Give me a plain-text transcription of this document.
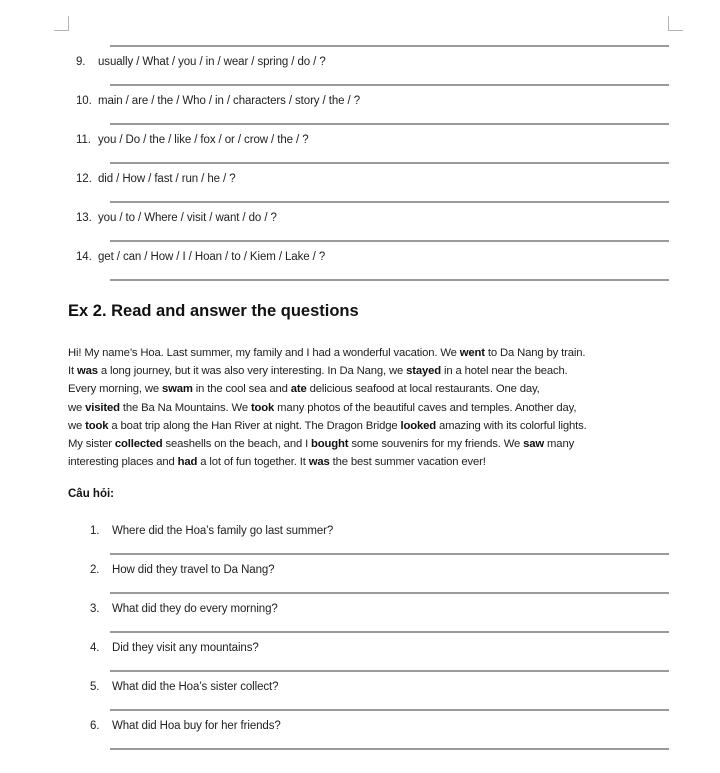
9. usually / What / you / in / wear / spring / do / ?
10. main / are / the / Who / in / characters / story / the / ?
11. you / Do / the / like / fox / or / crow / the / ?
12. did / How / fast / run / he / ?
13. you / to / Where / visit / want / do / ?
14. get / can / How / I / Hoan / to / Kiem / Lake / ?
Ex 2. Read and answer the questions
Hi! My name’s Hoa. Last summer, my family and I had a wonderful vacation. We went to Da Nang by train.
It was a long journey, but it was also very interesting. In Da Nang, we stayed in a hotel near the beach.
Every morning, we swam in the cool sea and ate delicious seafood at local restaurants. One day,
we visited the Ba Na Mountains. We took many photos of the beautiful caves and temples. Another day,
we took a boat trip along the Han River at night. The Dragon Bridge looked amazing with its colorful lights.
My sister collected seashells on the beach, and I bought some souvenirs for my friends. We saw many
interesting places and had a lot of fun together. It was the best summer vacation ever!
Câu hỏi:
1. Where did the Hoa’s family go last summer?
2. How did they travel to Da Nang?
3. What did they do every morning?
4. Did they visit any mountains?
5. What did the Hoa’s sister collect?
6. What did Hoa buy for her friends?
